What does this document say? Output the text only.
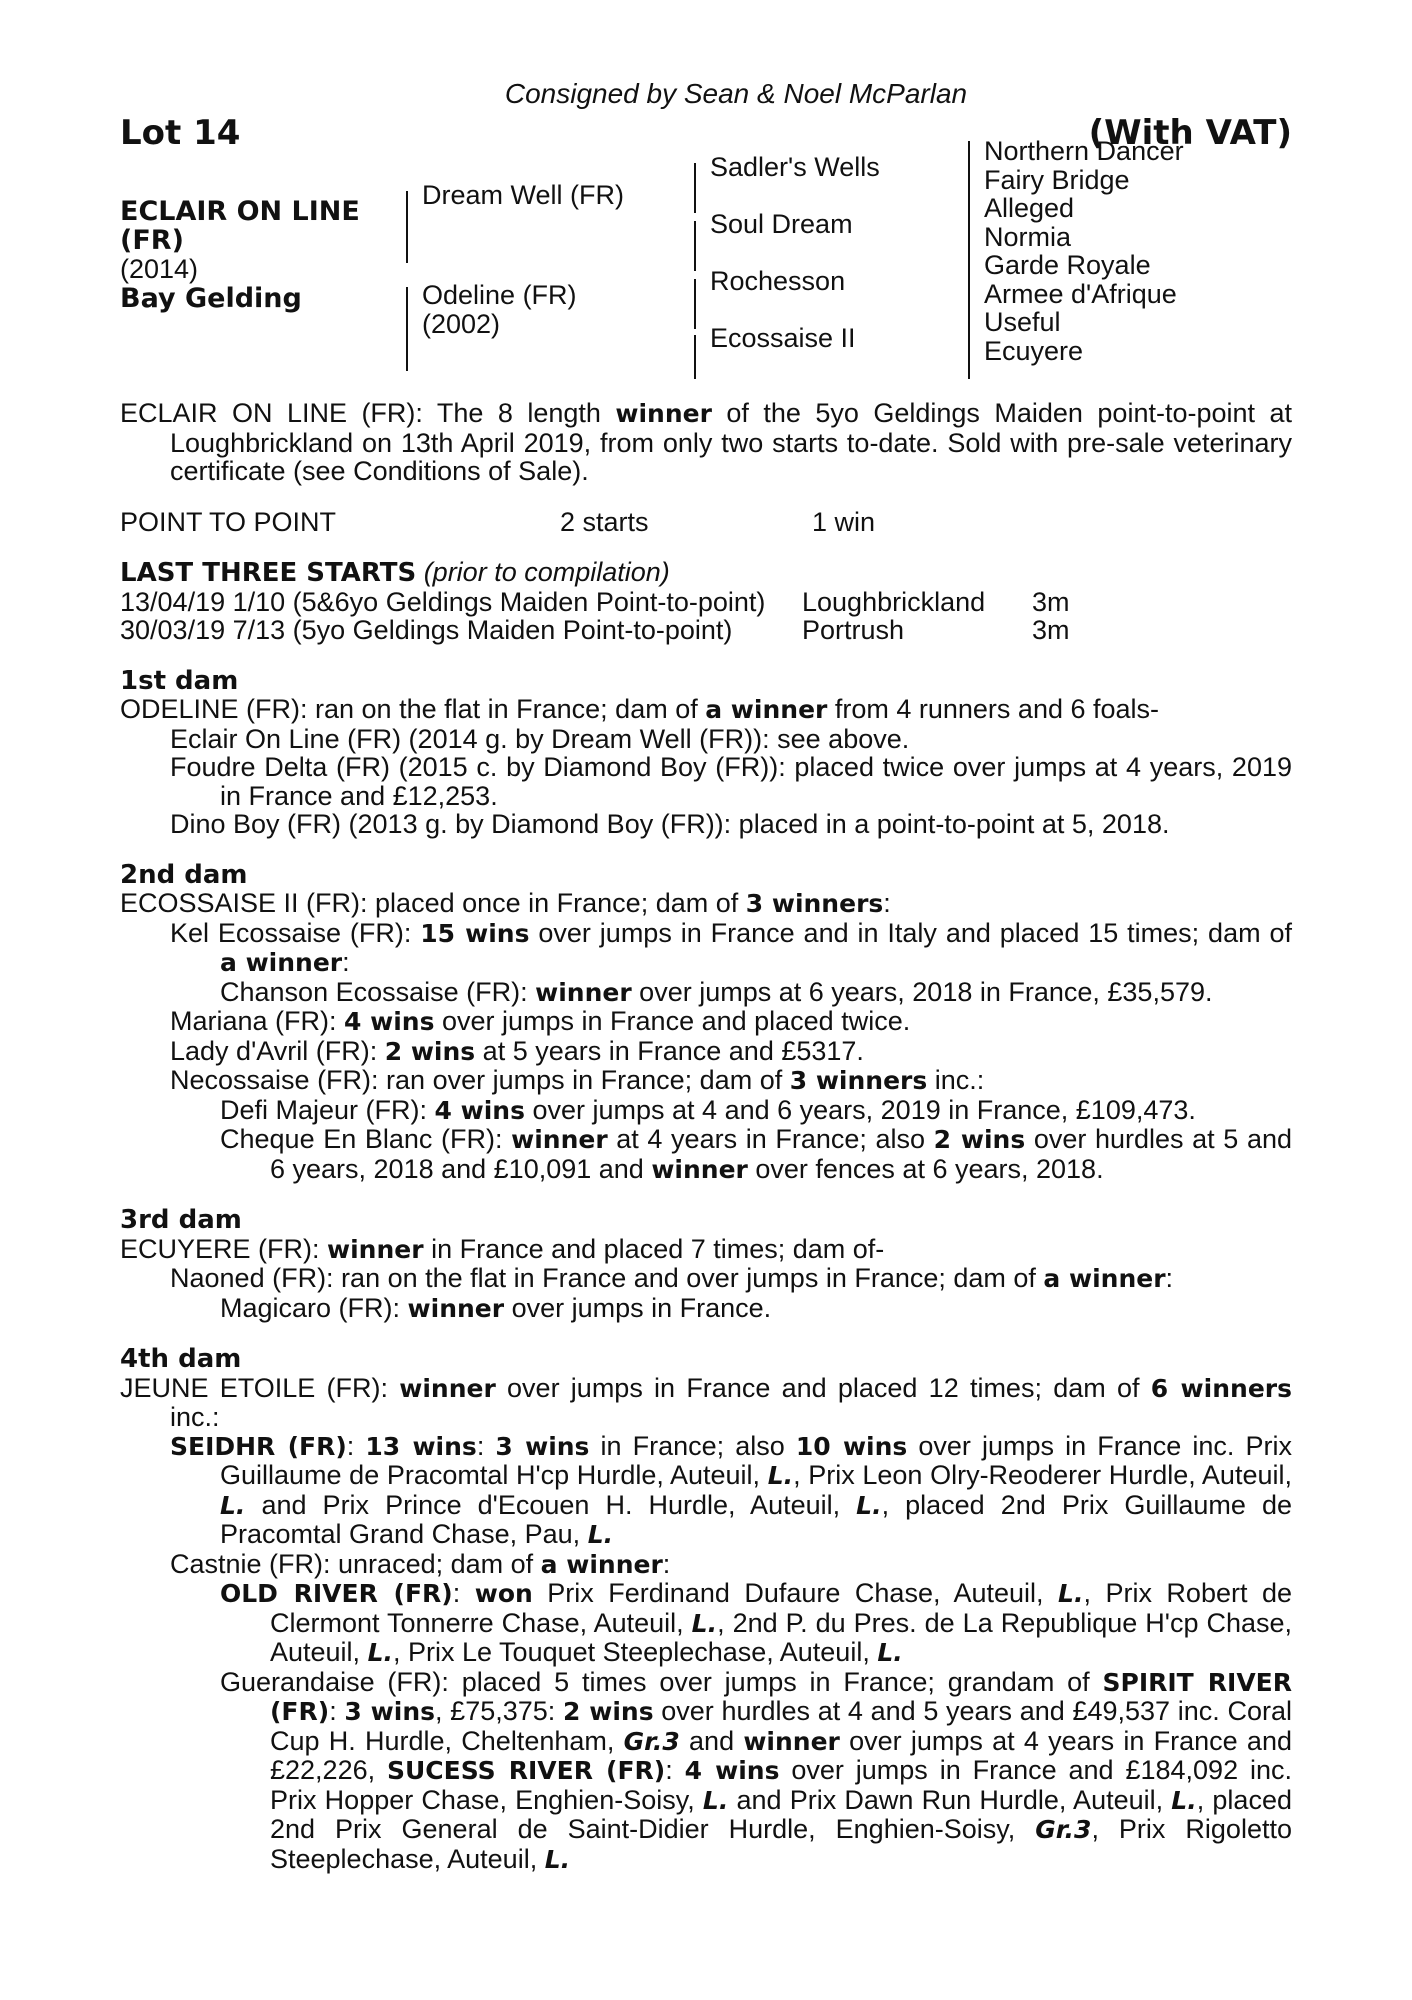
Consigned by Sean & Noel McParlan
Lot 14	(With VAT)
ECLAIR ON LINE
(FR)
(2014)
Bay Gelding
Dream Well (FR)
Odeline (FR)
(2002)
Sadler's Wells
Soul Dream
Rochesson
Ecossaise II
Northern Dancer
Fairy Bridge
Alleged
Normia
Garde Royale
Armee d'Afrique
Useful
Ecuyere

ECLAIR ON LINE (FR): The 8 length winner of the 5yo Geldings Maiden point-to-point at Loughbrickland on 13th April 2019, from only two starts to-date. Sold with pre-sale veterinary certificate (see Conditions of Sale).

POINT TO POINT	2 starts	1 win
LAST THREE STARTS (prior to compilation)
13/04/19 1/10 (5&6yo Geldings Maiden Point-to-point)	Loughbrickland	3m
30/03/19 7/13 (5yo Geldings Maiden Point-to-point)	Portrush	3m
1st dam

ODELINE (FR): ran on the flat in France; dam of a winner from 4 runners and 6 foals-

Eclair On Line (FR) (2014 g. by Dream Well (FR)): see above.

Foudre Delta (FR) (2015 c. by Diamond Boy (FR)): placed twice over jumps at 4 years, 2019 in France and £12,253.

Dino Boy (FR) (2013 g. by Diamond Boy (FR)): placed in a point-to-point at 5, 2018.

2nd dam

ECOSSAISE II (FR): placed once in France; dam of 3 winners:

Kel Ecossaise (FR): 15 wins over jumps in France and in Italy and placed 15 times; dam of a winner:

Chanson Ecossaise (FR): winner over jumps at 6 years, 2018 in France, £35,579.

Mariana (FR): 4 wins over jumps in France and placed twice.

Lady d'Avril (FR): 2 wins at 5 years in France and £5317.

Necossaise (FR): ran over jumps in France; dam of 3 winners inc.:

Defi Majeur (FR): 4 wins over jumps at 4 and 6 years, 2019 in France, £109,473.

Cheque En Blanc (FR): winner at 4 years in France; also 2 wins over hurdles at 5 and 6 years, 2018 and £10,091 and winner over fences at 6 years, 2018.

3rd dam

ECUYERE (FR): winner in France and placed 7 times; dam of-

Naoned (FR): ran on the flat in France and over jumps in France; dam of a winner:

Magicaro (FR): winner over jumps in France.

4th dam

JEUNE ETOILE (FR): winner over jumps in France and placed 12 times; dam of 6 winners inc.:

SEIDHR (FR): 13 wins: 3 wins in France; also 10 wins over jumps in France inc. Prix Guillaume de Pracomtal H'cp Hurdle, Auteuil, L., Prix Leon Olry-Reoderer Hurdle, Auteuil, L. and Prix Prince d'Ecouen H. Hurdle, Auteuil, L., placed 2nd Prix Guillaume de Pracomtal Grand Chase, Pau, L.

Castnie (FR): unraced; dam of a winner:

OLD RIVER (FR): won Prix Ferdinand Dufaure Chase, Auteuil, L., Prix Robert de Clermont Tonnerre Chase, Auteuil, L., 2nd P. du Pres. de La Republique H'cp Chase, Auteuil, L., Prix Le Touquet Steeplechase, Auteuil, L.

Guerandaise (FR): placed 5 times over jumps in France; grandam of SPIRIT RIVER (FR): 3 wins, £75,375: 2 wins over hurdles at 4 and 5 years and £49,537 inc. Coral Cup H. Hurdle, Cheltenham, Gr.3 and winner over jumps at 4 years in France and £22,226, SUCESS RIVER (FR): 4 wins over jumps in France and £184,092 inc. Prix Hopper Chase, Enghien-Soisy, L. and Prix Dawn Run Hurdle, Auteuil, L., placed 2nd Prix General de Saint-Didier Hurdle, Enghien-Soisy, Gr.3, Prix Rigoletto Steeplechase, Auteuil, L.
